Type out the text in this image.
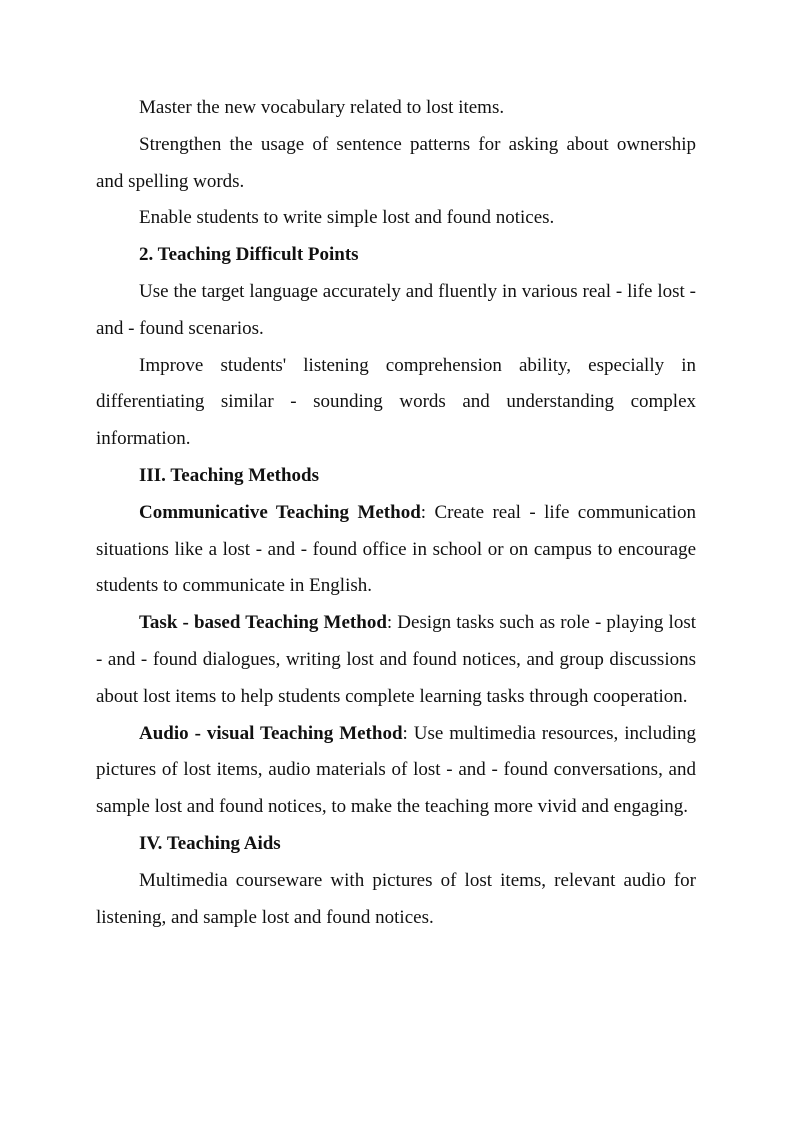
Master the new vocabulary related to lost items.

Strengthen the usage of sentence patterns for asking about ownership and spelling words.

Enable students to write simple lost and found notices.

2. Teaching Difficult Points

Use the target language accurately and fluently in various real - life lost - and - found scenarios.

Improve students' listening comprehension ability, especially in differentiating similar - sounding words and understanding complex information.

III. Teaching Methods

Communicative Teaching Method: Create real - life communication situations like a lost - and - found office in school or on campus to encourage students to communicate in English.

Task - based Teaching Method: Design tasks such as role - playing lost - and - found dialogues, writing lost and found notices, and group discussions about lost items to help students complete learning tasks through cooperation.

Audio - visual Teaching Method: Use multimedia resources, including pictures of lost items, audio materials of lost - and - found conversations, and sample lost and found notices, to make the teaching more vivid and engaging.

IV. Teaching Aids

Multimedia courseware with pictures of lost items, relevant audio for listening, and sample lost and found notices.
